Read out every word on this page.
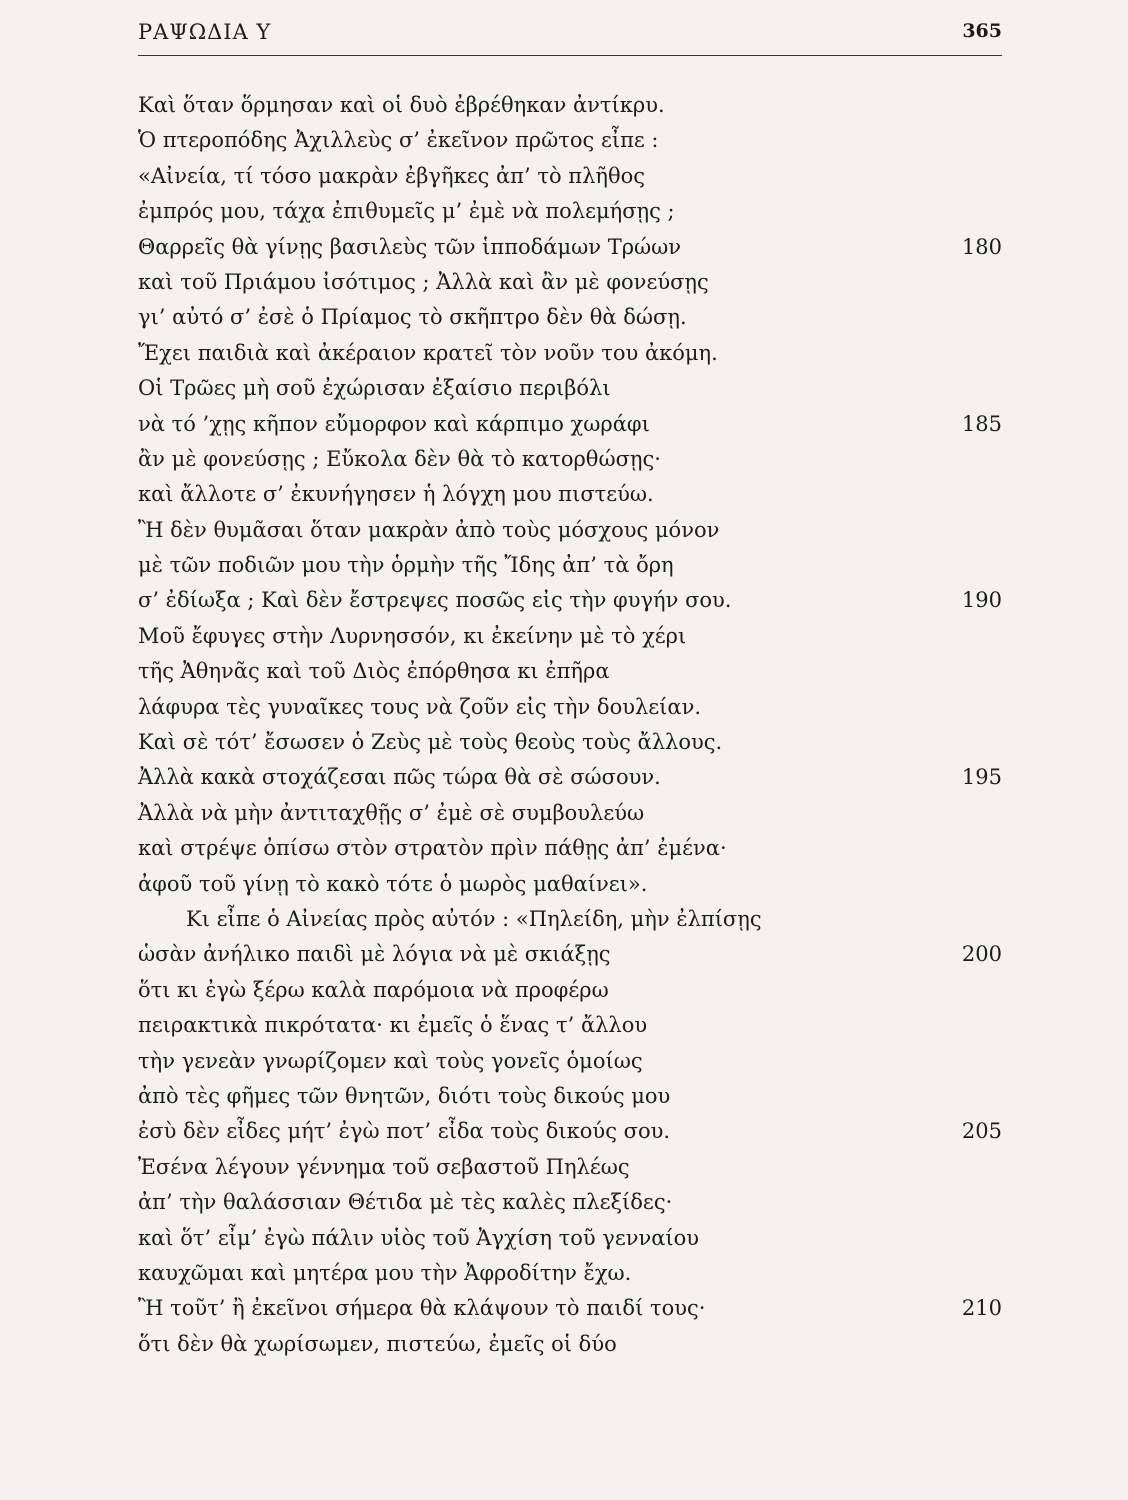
ΡΑΨΩΔΙΑ Υ	365
Καὶ ὅταν ὅρμησαν καὶ οἱ δυὸ ἐβρέθηκαν ἀντίκρυ.
Ὁ πτεροπόδης Ἀχιλλεὺς σ’ ἐκεῖνον πρῶτος εἶπε :
«Αἰνεία, τί τόσο μακρὰν ἐβγῆκες ἀπ’ τὸ πλῆθος
ἐμπρός μου, τάχα ἐπιθυμεῖς μ’ ἐμὲ νὰ πολεμήσῃς ;
Θαρρεῖς θὰ γίνῃς βασιλεὺς τῶν ἱπποδάμων Τρώων	180
καὶ τοῦ Πριάμου ἰσότιμος ; Ἀλλὰ καὶ ἂν μὲ φονεύσῃς
γι’ αὐτό σ’ ἐσὲ ὁ Πρίαμος τὸ σκῆπτρο δὲν θὰ δώσῃ.
Ἔχει παιδιὰ καὶ ἀκέραιον κρατεῖ τὸν νοῦν του ἀκόμη.
Οἱ Τρῶες μὴ σοῦ ἐχώρισαν ἐξαίσιο περιβόλι
νὰ τό ’χῃς κῆπον εὔμορφον καὶ κάρπιμο χωράφι	185
ἂν μὲ φονεύσῃς ; Εὔκολα δὲν θὰ τὸ κατορθώσῃς·
καὶ ἄλλοτε σ’ ἐκυνήγησεν ἡ λόγχη μου πιστεύω.
Ἢ δὲν θυμᾶσαι ὅταν μακρὰν ἀπὸ τοὺς μόσχους μόνον
μὲ τῶν ποδιῶν μου τὴν ὁρμὴν τῆς Ἴδης ἀπ’ τὰ ὄρη
σ’ ἐδίωξα ; Καὶ δὲν ἔστρεψες ποσῶς εἰς τὴν φυγήν σου.	190
Μοῦ ἔφυγες στὴν Λυρνησσόν, κι ἐκείνην μὲ τὸ χέρι
τῆς Ἀθηνᾶς καὶ τοῦ Διὸς ἐπόρθησα κι ἐπῆρα
λάφυρα τὲς γυναῖκες τους νὰ ζοῦν εἰς τὴν δουλείαν.
Καὶ σὲ τότ’ ἔσωσεν ὁ Ζεὺς μὲ τοὺς θεοὺς τοὺς ἄλλους.
Ἀλλὰ κακὰ στοχάζεσαι πῶς τώρα θὰ σὲ σώσουν.	195
Ἀλλὰ νὰ μὴν ἀντιταχθῇς σ’ ἐμὲ σὲ συμβουλεύω
καὶ στρέψε ὀπίσω στὸν στρατὸν πρὶν πάθῃς ἀπ’ ἐμένα·
ἀφοῦ τοῦ γίνῃ τὸ κακὸ τότε ὁ μωρὸς μαθαίνει».
Κι εἶπε ὁ Αἰνείας πρὸς αὐτόν : «Πηλείδη, μὴν ἐλπίσῃς
ὡσὰν ἀνήλικο παιδὶ μὲ λόγια νὰ μὲ σκιάξῃς	200
ὅτι κι ἐγὼ ξέρω καλὰ παρόμοια νὰ προφέρω
πειρακτικὰ πικρότατα· κι ἐμεῖς ὁ ἕνας τ’ ἄλλου
τὴν γενεὰν γνωρίζομεν καὶ τοὺς γονεῖς ὁμοίως
ἀπὸ τὲς φῆμες τῶν θνητῶν, διότι τοὺς δικούς μου
ἐσὺ δὲν εἶδες μήτ’ ἐγὼ ποτ’ εἶδα τοὺς δικούς σου.	205
Ἐσένα λέγουν γέννημα τοῦ σεβαστοῦ Πηλέως
ἀπ’ τὴν θαλάσσιαν Θέτιδα μὲ τὲς καλὲς πλεξίδες·
καὶ ὅτ’ εἶμ’ ἐγὼ πάλιν υἱὸς τοῦ Ἀγχίση τοῦ γενναίου
καυχῶμαι καὶ μητέρα μου τὴν Ἀφροδίτην ἔχω.
Ἢ τοῦτ’ ἢ ἐκεῖνοι σήμερα θὰ κλάψουν τὸ παιδί τους·	210
ὅτι δὲν θὰ χωρίσωμεν, πιστεύω, ἐμεῖς οἱ δύο
